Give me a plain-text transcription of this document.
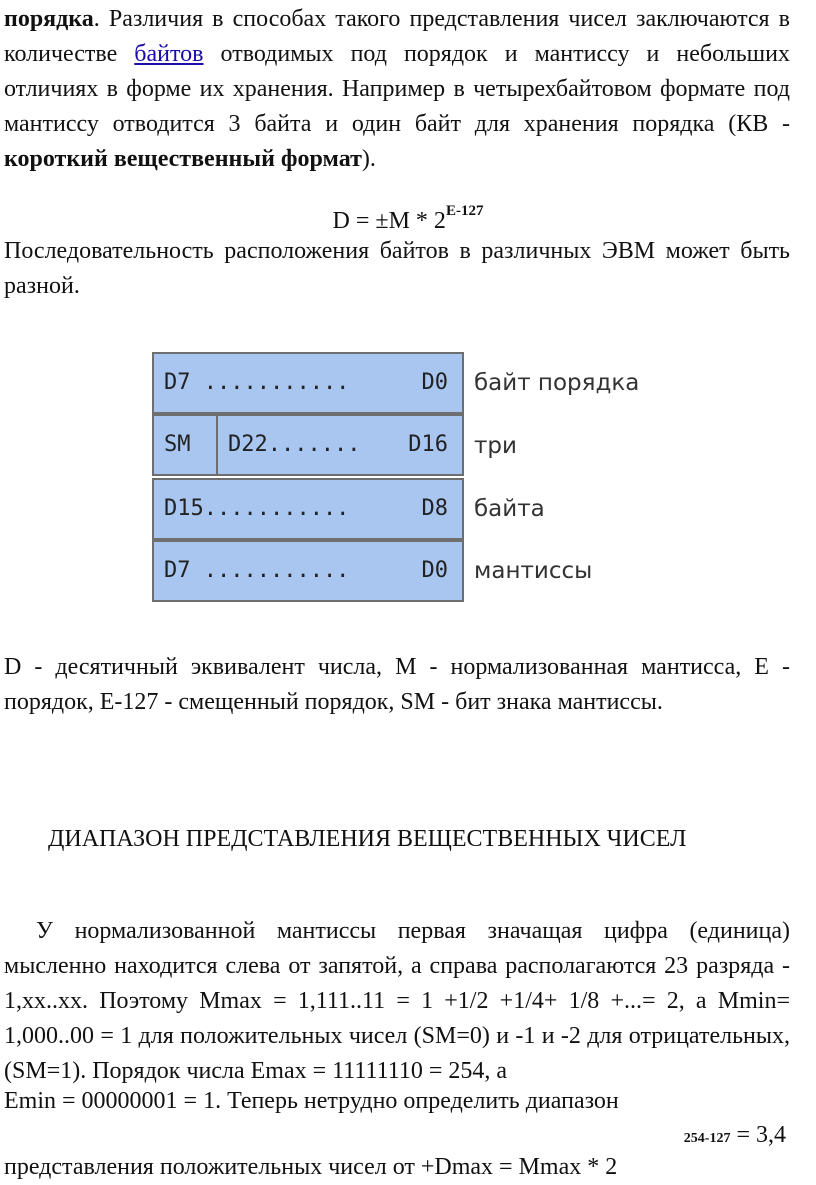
порядка. Различия в способах такого представления чисел заключаются в количестве байтов отводимых под порядок и мантиссу и небольших отличиях в форме их хранения. Например в четырехбайтовом формате под мантиссу отводится 3 байта и один байт для хранения порядка (КВ - короткий вещественный формат).

$D = \pm M * 2^{E-127}$

Последовательность расположения байтов в различных ЭВМ может быть разной.

D7 ...........	D0
SM D22....... D16
D15...........	D8
D7 ...........	D0
байт порядка
три
байта
мантиссы

D - десятичный эквивалент числа, M - нормализованная мантисса, E - порядок, E-127 - смещенный порядок, SM - бит знака мантиссы.

ДИАПАЗОН ПРЕДСТАВЛЕНИЯ ВЕЩЕСТВЕННЫХ ЧИСЕЛ

У нормализованной мантиссы первая значащая цифра (единица) мысленно находится слева от запятой, а справа располагаются 23 разряда - 1,xx..xx. Поэтому Mmax = 1,111..11 = 1 +1/2 +1/4+ 1/8 +...= 2, а Mmin= 1,000..00 = 1 для положительных чисел (SM=0) и -1 и -2 для отрицательных, (SM=1). Порядок числа Emax = 11111110 = 254, а

Emin = 00000001 = 1. Теперь нетрудно определить диапазон

254-127 = 3,4

представления положительных чисел от +Dmax = Mmax * 2
